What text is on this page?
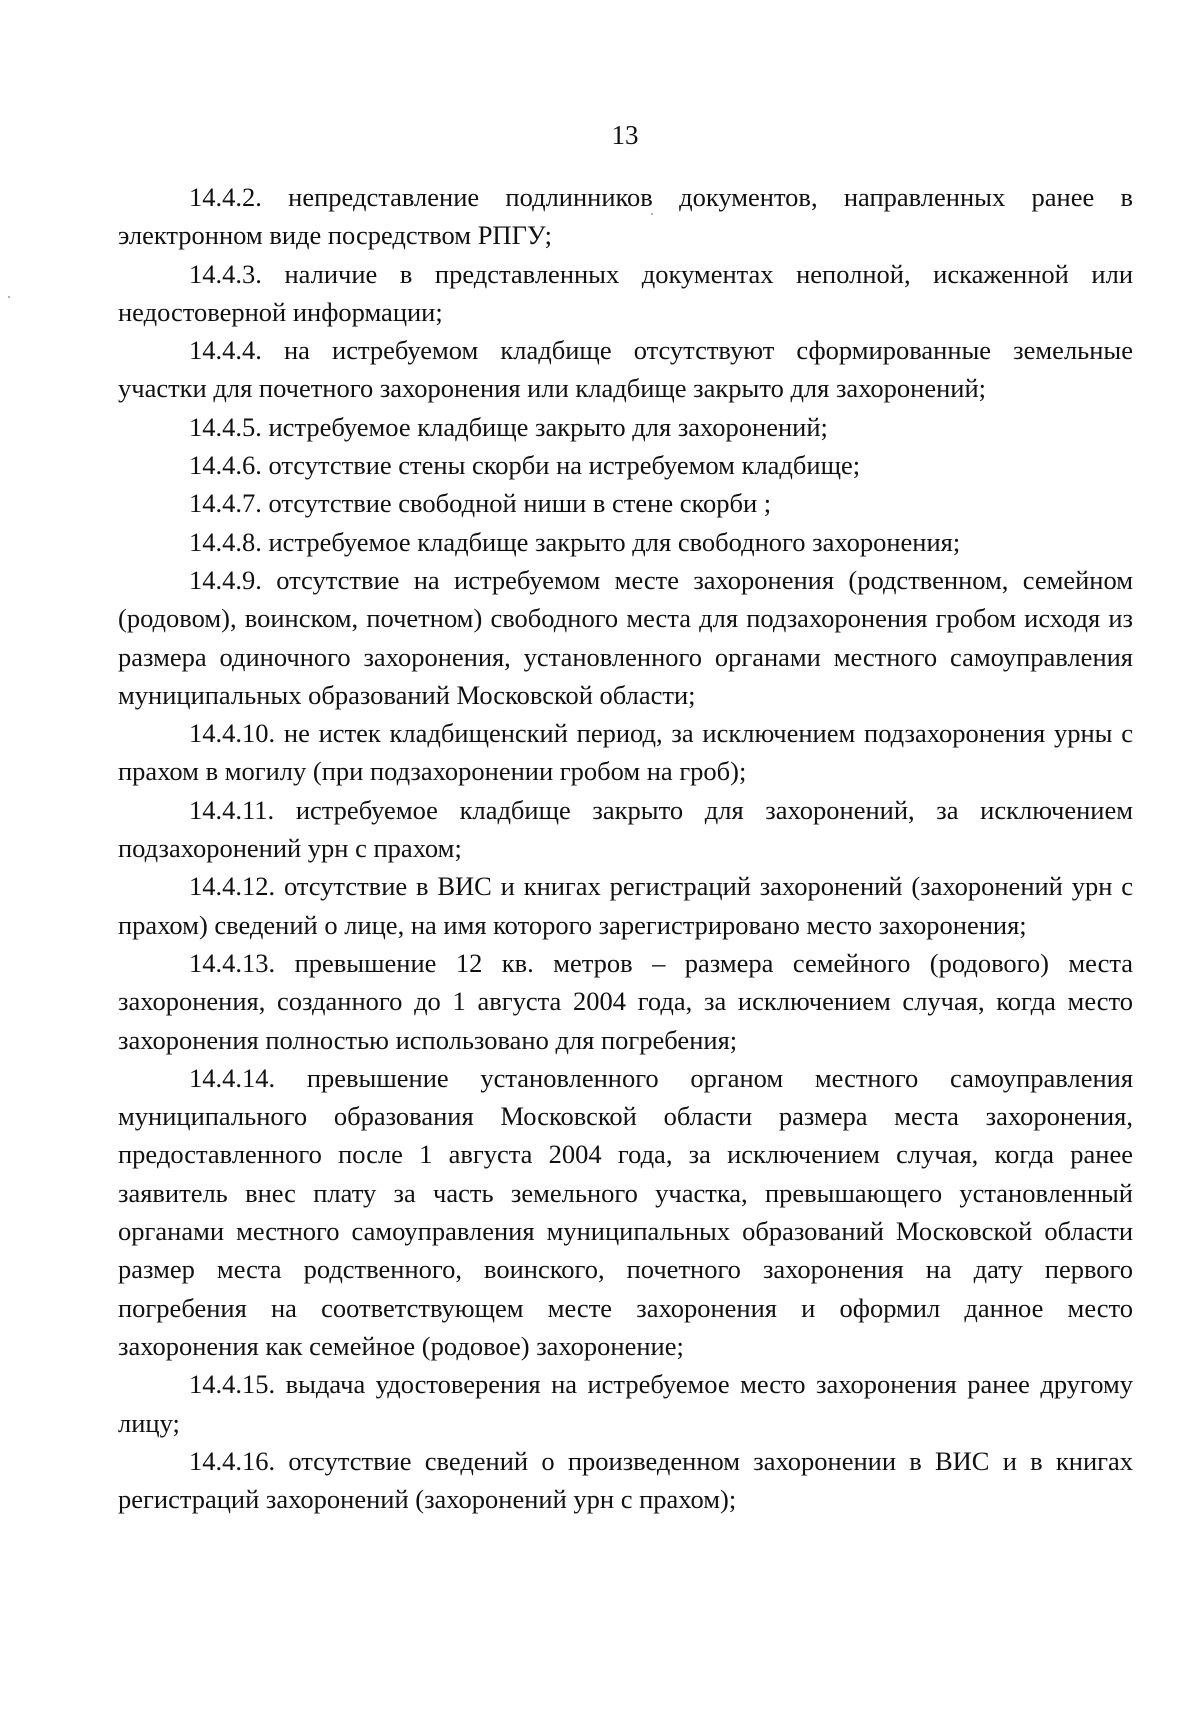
13

14.4.2. непредставление подлинников документов, направленных ранее в электронном виде посредством РПГУ;

14.4.3. наличие в представленных документах неполной, искаженной или недостоверной информации;

14.4.4. на истребуемом кладбище отсутствуют сформированные земельные участки для почетного захоронения или кладбище закрыто для захоронений;

14.4.5. истребуемое кладбище закрыто для захоронений;

14.4.6. отсутствие стены скорби на истребуемом кладбище;

14.4.7. отсутствие свободной ниши в стене скорби ;

14.4.8. истребуемое кладбище закрыто для свободного захоронения;

14.4.9. отсутствие на истребуемом месте захоронения (родственном, семейном (родовом), воинском, почетном) свободного места для подзахоронения гробом исходя из размера одиночного захоронения, установленного органами местного самоуправления муниципальных образований Московской области;

14.4.10. не истек кладбищенский период, за исключением подзахоронения урны с прахом в могилу (при подзахоронении гробом на гроб);

14.4.11. истребуемое кладбище закрыто для захоронений, за исключением подзахоронений урн с прахом;

14.4.12. отсутствие в ВИС и книгах регистраций захоронений (захоронений урн с прахом) сведений о лице, на имя которого зарегистрировано место захоронения;

14.4.13. превышение 12 кв. метров – размера семейного (родового) места захоронения, созданного до 1 августа 2004 года, за исключением случая, когда место захоронения полностью использовано для погребения;

14.4.14. превышение установленного органом местного самоуправления муниципального образования Московской области размера места захоронения, предоставленного после 1 августа 2004 года, за исключением случая, когда ранее заявитель внес плату за часть земельного участка, превышающего установленный органами местного самоуправления муниципальных образований Московской области размер места родственного, воинского, почетного захоронения на дату первого погребения на соответствующем месте захоронения и оформил данное место захоронения как семейное (родовое) захоронение;

14.4.15. выдача удостоверения на истребуемое место захоронения ранее другому лицу;

14.4.16. отсутствие сведений о произведенном захоронении в ВИС и в книгах регистраций захоронений (захоронений урн с прахом);
